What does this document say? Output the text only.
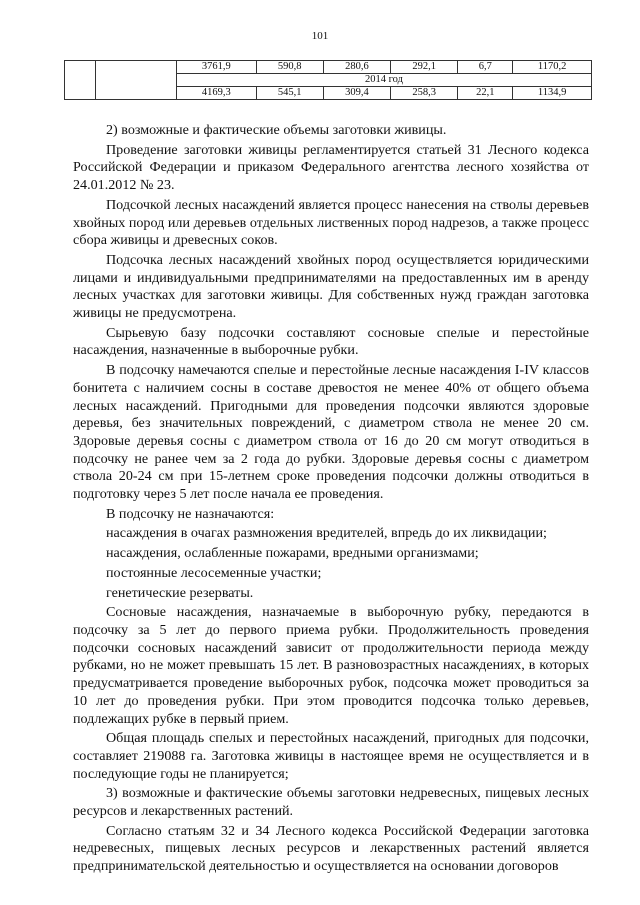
101
		3761,9	590,8	280,6	292,1	6,7	1170,2
		2014 год					
		4169,3	545,1	309,4	258,3	22,1	1134,9

2) возможные и фактические объемы заготовки живицы.

Проведение заготовки живицы регламентируется статьей 31 Лесного кодекса Российской Федерации и приказом Федерального агентства лесного хозяйства от 24.01.2012 № 23.

Подсочкой лесных насаждений является процесс нанесения на стволы деревьев хвойных пород или деревьев отдельных лиственных пород надрезов, а также процесс сбора живицы и древесных соков.

Подсочка лесных насаждений хвойных пород осуществляется юридическими лицами и индивидуальными предпринимателями на предоставленных им в аренду лесных участках для заготовки живицы. Для собственных нужд граждан заготовка живицы не предусмотрена.

Сырьевую базу подсочки составляют сосновые спелые и перестойные насаждения, назначенные в выборочные рубки.

В подсочку намечаются спелые и перестойные лесные насаждения I-IV классов бонитета с наличием сосны в составе древостоя не менее 40% от общего объема лесных насаждений. Пригодными для проведения подсочки являются здоровые деревья, без значительных повреждений, с диаметром ствола не менее 20 см. Здоровые деревья сосны с диаметром ствола от 16 до 20 см могут отводиться в подсочку не ранее чем за 2 года до рубки. Здоровые деревья сосны с диаметром ствола 20-24 см при 15-летнем сроке проведения подсочки должны отводиться в подготовку через 5 лет после начала ее проведения.

В подсочку не назначаются:

насаждения в очагах размножения вредителей, впредь до их ликвидации;

насаждения, ослабленные пожарами, вредными организмами;

постоянные лесосеменные участки;

генетические резерваты.

Сосновые насаждения, назначаемые в выборочную рубку, передаются в подсочку за 5 лет до первого приема рубки. Продолжительность проведения подсочки сосновых насаждений зависит от продолжительности периода между рубками, но не может превышать 15 лет. В разновозрастных насаждениях, в которых предусматривается проведение выборочных рубок, подсочка может проводиться за 10 лет до проведения рубки. При этом проводится подсочка только деревьев, подлежащих рубке в первый прием.

Общая площадь спелых и перестойных насаждений, пригодных для подсочки, составляет 219088 га. Заготовка живицы в настоящее время не осуществляется и в последующие годы не планируется;

3) возможные и фактические объемы заготовки недревесных, пищевых лесных ресурсов и лекарственных растений.

Согласно статьям 32 и 34 Лесного кодекса Российской Федерации заготовка недревесных, пищевых лесных ресурсов и лекарственных растений является предпринимательской деятельностью и осуществляется на основании договоров
